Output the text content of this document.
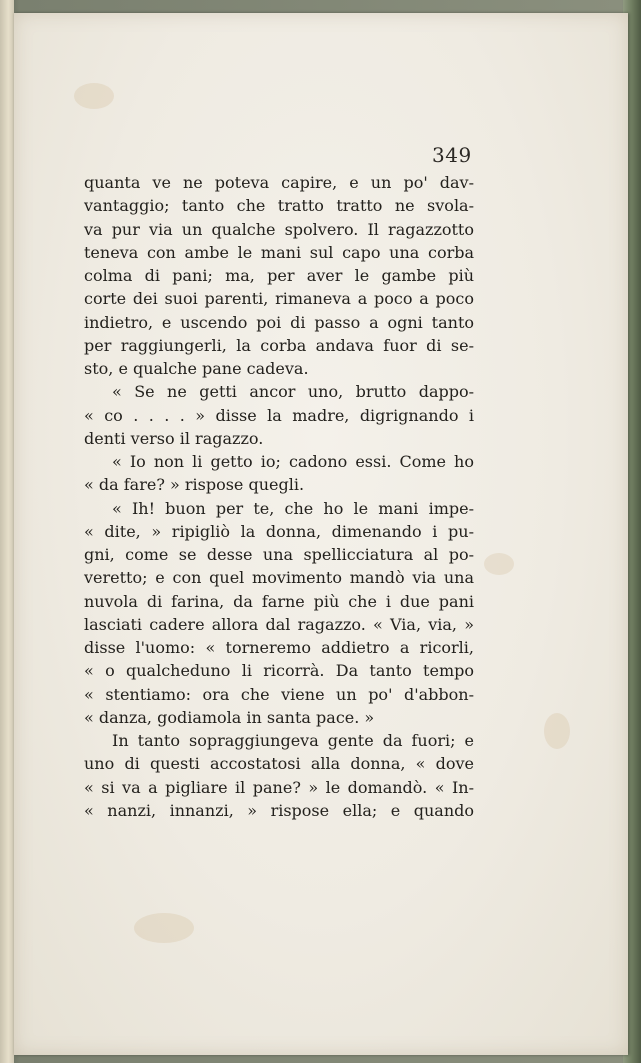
349
quanta ve ne poteva capire, e un po' dav-
vantaggio; tanto che tratto tratto ne svola-
va pur via un qualche spolvero. Il ragazzotto
teneva con ambe le mani sul capo una corba
colma di pani; ma, per aver le gambe più
corte dei suoi parenti, rimaneva a poco a poco
indietro, e uscendo poi di passo a ogni tanto
per raggiungerli, la corba andava fuor di se-
sto, e qualche pane cadeva.
« Se ne getti ancor uno, brutto dappo-
« co . . . . » disse la madre, digrignando i
denti verso il ragazzo.
« Io non li getto io; cadono essi. Come ho
« da fare? » rispose quegli.
« Ih! buon per te, che ho le mani impe-
« dite, » ripigliò la donna, dimenando i pu-
gni, come se desse una spellicciatura al po-
veretto; e con quel movimento mandò via una
nuvola di farina, da farne più che i due pani
lasciati cadere allora dal ragazzo. « Via, via, »
disse l'uomo: « torneremo addietro a ricorli,
« o qualcheduno li ricorrà. Da tanto tempo
« stentiamo: ora che viene un po' d'abbon-
« danza, godiamola in santa pace. »
In tanto sopraggiungeva gente da fuori; e
uno di questi accostatosi alla donna, « dove
« si va a pigliare il pane? » le domandò. « In-
« nanzi, innanzi, » rispose ella; e quando
